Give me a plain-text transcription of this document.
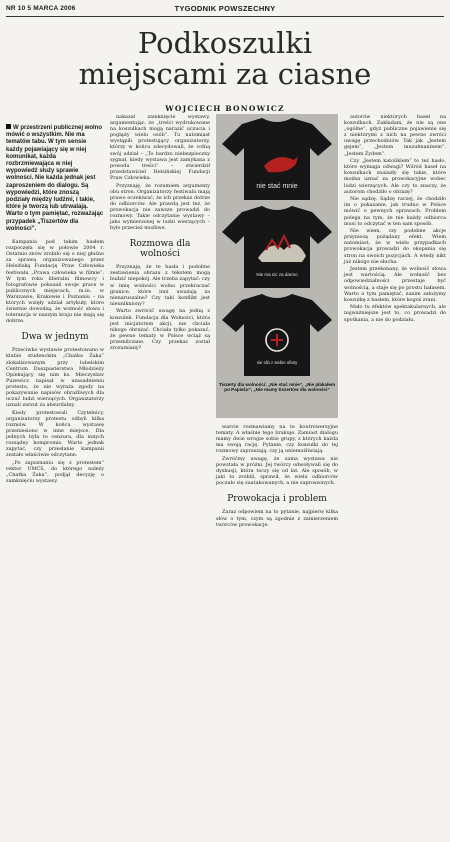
NR 10 5 MARCA 2006	TYGODNIK POWSZECHNY
Podkoszulki miejscami za ciasne
WOJCIECH BONOWICZ
W przestrzeni publicznej wolno mówić o wszystkim. Nie ma tematów tabu. W tym sensie każdy pojawiający się w niej komunikat, każda rozbrzmiewająca w niej wypowiedź służy sprawie wolności. Nie każda jednak jest zaproszeniem do dialogu. Są wypowiedzi, które znoszą podziały między ludźmi, i takie, które je tworzą lub utrwalają. Warto o tym pamiętać, rozważając przypadek „Tiszertów dla wolności”.

Kampania pod takim hasłem rozpoczęła się w połowie 2004 r. Ostatnio znów zrobiło się o niej głośno za sprawą organizowanego przez Helsińską Fundację Praw Człowieka festiwalu „Prawa człowieka w filmie”. W tym roku liberalni filmowcy i fotografowie pokazali swoje prace w publicznych miejscach, m.in. w Warszawie, Krakowie i Poznaniu – na których wzięły udział artykuły, które świetnie dowodzą, że wolność słowa i tolerancja w naszym kraju nie mają się dobrze.

Dwa w jednym

Przeciwko wystawie protestowano w klubie studenckim „Chatka Żaka” zlokalizowanym przy lubelskim Centrum Duszpasterstwa Młodzieży Opiekujący się nim ks. Mieczysław Puzewicz napisał w uzasadnieniu protestu, że nie wyraża zgody na pokazywanie napisów obraźliwych dla uczuć ludzi wierzących. Organizatorzy uznali zarzut za absurdalny.

Kiedy protestowali Czytelnicy, organizatorzy protestu odbyli kilka rozmów. W końcu wystawę przeniesiono w inne miejsce. Dla jednych była to cenzura, dla innych rozsądny kompromis. Warto jednak zapytać, czy przesłanie kampanii zostało właściwie odczytane.

„Po zapoznaniu się z protestem” rektor UMCS, do którego należy „Chatka Żaka”, podjął decyzję o zamknięciu wystawy.

nakazał zamknięcie wystawy, argumentując, że „treści wydrukowane na koszulkach mogą narazić uczucia i poglądy wielu osób”. Tu natomiast wystąpili protestujący organizatorzy, którzy w końcu zdecydowali, że cofną swój udział – „To bardzo niebezpieczny sygnał, kiedy wystawa jest zamykana z powodu treści” – stwierdził przedstawiciel Helsińskiej Fundacji Praw Człowieka.

Przyznaję, że rozumiem argumenty obu stron. Organizatorzy festiwalu mają prawo oczekiwać, że ich przekaz dotrze do odbiorców. Ale prawdą jest też, że prowokacja nie zawsze prowadzi do rozmowy. Takie odczytanie wystawy – jako wymierzonej w ludzi wierzących – było przecież możliwe.

Rozmowa dla wolności

Przyznaję, że te hasła i podobne zestawienia obrazu z tekstem mogą budzić niepokój. Ale trzeba zapytać: czy w imię wolności wolno przekraczać granice, które inni uważają za nienaruszalne? Czy taki konflikt jest nieunikniony?

Warto zwrócić uwagę na jedną z koszulek. Fundacja dla Wolności, która jest inicjatorem akcji, nie chciała nikogo obrażać. Chciała tylko pokazać, że pewne tematy w Polsce wciąż są przemilczane. Czy przekaz został zrozumiany?

nie stać mnie
Nie ma nic za darmo
nie rób z siebie ofiary
Tiszerty dla wolności: „Nie stać mnie”, „Nie płakałem po Papieżu”, „Nie mamy tiszertów dla wolności”

warcie rozmawiamy na te kontrowersyjne tematy. A właśnie tego brakuje. Zamiast dialogu mamy dwie wrogie sobie grupy, z których każda ma swoją rację. Pytanie, czy koszulki do tej rozmowy zapraszają, czy ją uniemożliwiają.

Zwróćmy uwagę, że sama wystawa nie powstała w próżni. Jej twórcy odwoływali się do dyskusji, która toczy się od lat. Ale sposób, w jaki to zrobili, sprawił, że wielu odbiorców poczuło się zaatakowanych, a nie zaproszonych.

Prowokacja i problem

Zaraz odpowiem na to pytanie, najpierw kilka słów o tym, czym są zgodnie z zamierzeniem twórców prowokacje.

autorów niektórych haseł na koszulkach. Zakładam, że nie są one „ogólne”, gdyż publiczne pojawienie się z niektórymi z nich na pewno zwróci uwagę przechodniów. Tak jak „Jestem gejem”, „Jestem muzułmaninem”, „Jestem Żydem”.

Czy „Jestem katolikiem” to też hasło, które wymaga odwagi? Wśród haseł na koszulkach znalazły się takie, które można uznać za prowokacyjne wobec ludzi wierzących. Ale czy to znaczy, że autorom chodziło o obrazę?

Nie sądzę. Sądzę raczej, że chodziło im o pokazanie, jak trudno w Polsce mówić o pewnych sprawach. Problem polega na tym, że nie każdy odbiorca musi to odczytać w ten sam sposób.

Nie wiem, czy podobne akcje przyniosą pożądany efekt. Wiem natomiast, że w wielu przypadkach prowokacja prowadzi do okopania się stron na swoich pozycjach. A wtedy nikt już nikogo nie słucha.

Jestem przekonany, że wolność słowa jest wartością. Ale wolność bez odpowiedzialności przestaje być wolnością, a staje się po prostu hałasem. Warto o tym pamiętać, zanim założymy koszulkę z hasłem, które kogoś zrani.

Mało tu efektów spektakularnych, ale najważniejsze jest to, co prowadzi do spotkania, a nie do podziału.
